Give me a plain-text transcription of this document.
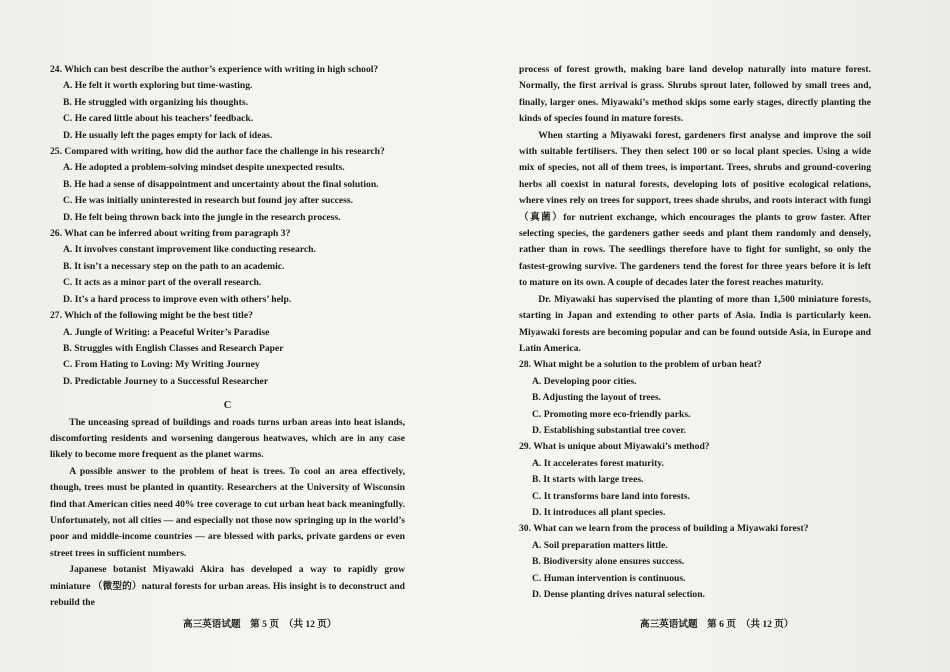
24. Which can best describe the author’s experience with writing in high school?

A. He felt it worth exploring but time-wasting.

B. He struggled with organizing his thoughts.

C. He cared little about his teachers’ feedback.

D. He usually left the pages empty for lack of ideas.

25. Compared with writing, how did the author face the challenge in his research?

A. He adopted a problem-solving mindset despite unexpected results.

B. He had a sense of disappointment and uncertainty about the final solution.

C. He was initially uninterested in research but found joy after success.

D. He felt being thrown back into the jungle in the research process.

26. What can be inferred about writing from paragraph 3?

A. It involves constant improvement like conducting research.

B. It isn’t a necessary step on the path to an academic.

C. It acts as a minor part of the overall research.

D. It’s a hard process to improve even with others’ help.

27. Which of the following might be the best title?

A. Jungle of Writing: a Peaceful Writer’s Paradise

B. Struggles with English Classes and Research Paper

C. From Hating to Loving: My Writing Journey

D. Predictable Journey to a Successful Researcher

C

The unceasing spread of buildings and roads turns urban areas into heat islands, discomforting residents and worsening dangerous heatwaves, which are in any case likely to become more frequent as the planet warms.

A possible answer to the problem of heat is trees. To cool an area effectively, though, trees must be planted in quantity. Researchers at the University of Wisconsin find that American cities need 40% tree coverage to cut urban heat back meaningfully. Unfortunately, not all cities — and especially not those now springing up in the world’s poor and middle-income countries — are blessed with parks, private gardens or even street trees in sufficient numbers.

Japanese botanist Miyawaki Akira has developed a way to rapidly grow miniature （微型的）natural forests for urban areas. His insight is to deconstruct and rebuild the

高三英语试题　第 5 页　（共 12 页）

process of forest growth, making bare land develop naturally into mature forest. Normally, the first arrival is grass. Shrubs sprout later, followed by small trees and, finally, larger ones. Miyawaki’s method skips some early stages, directly planting the kinds of species found in mature forests.

When starting a Miyawaki forest, gardeners first analyse and improve the soil with suitable fertilisers. They then select 100 or so local plant species. Using a wide mix of species, not all of them trees, is important. Trees, shrubs and ground-covering herbs all coexist in natural forests, developing lots of positive ecological relations, where vines rely on trees for support, trees shade shrubs, and roots interact with fungi（真菌）for nutrient exchange, which encourages the plants to grow faster. After selecting species, the gardeners gather seeds and plant them randomly and densely, rather than in rows. The seedlings therefore have to fight for sunlight, so only the fastest-growing survive. The gardeners tend the forest for three years before it is left to mature on its own. A couple of decades later the forest reaches maturity.

Dr. Miyawaki has supervised the planting of more than 1,500 miniature forests, starting in Japan and extending to other parts of Asia. India is particularly keen. Miyawaki forests are becoming popular and can be found outside Asia, in Europe and Latin America.

28. What might be a solution to the problem of urban heat?

A. Developing poor cities.

B. Adjusting the layout of trees.

C. Promoting more eco-friendly parks.

D. Establishing substantial tree cover.

29. What is unique about Miyawaki’s method?

A. It accelerates forest maturity.

B. It starts with large trees.

C. It transforms bare land into forests.

D. It introduces all plant species.

30. What can we learn from the process of building a Miyawaki forest?

A. Soil preparation matters little.

B. Biodiversity alone ensures success.

C. Human intervention is continuous.

D. Dense planting drives natural selection.

高三英语试题　第 6 页　（共 12 页）
